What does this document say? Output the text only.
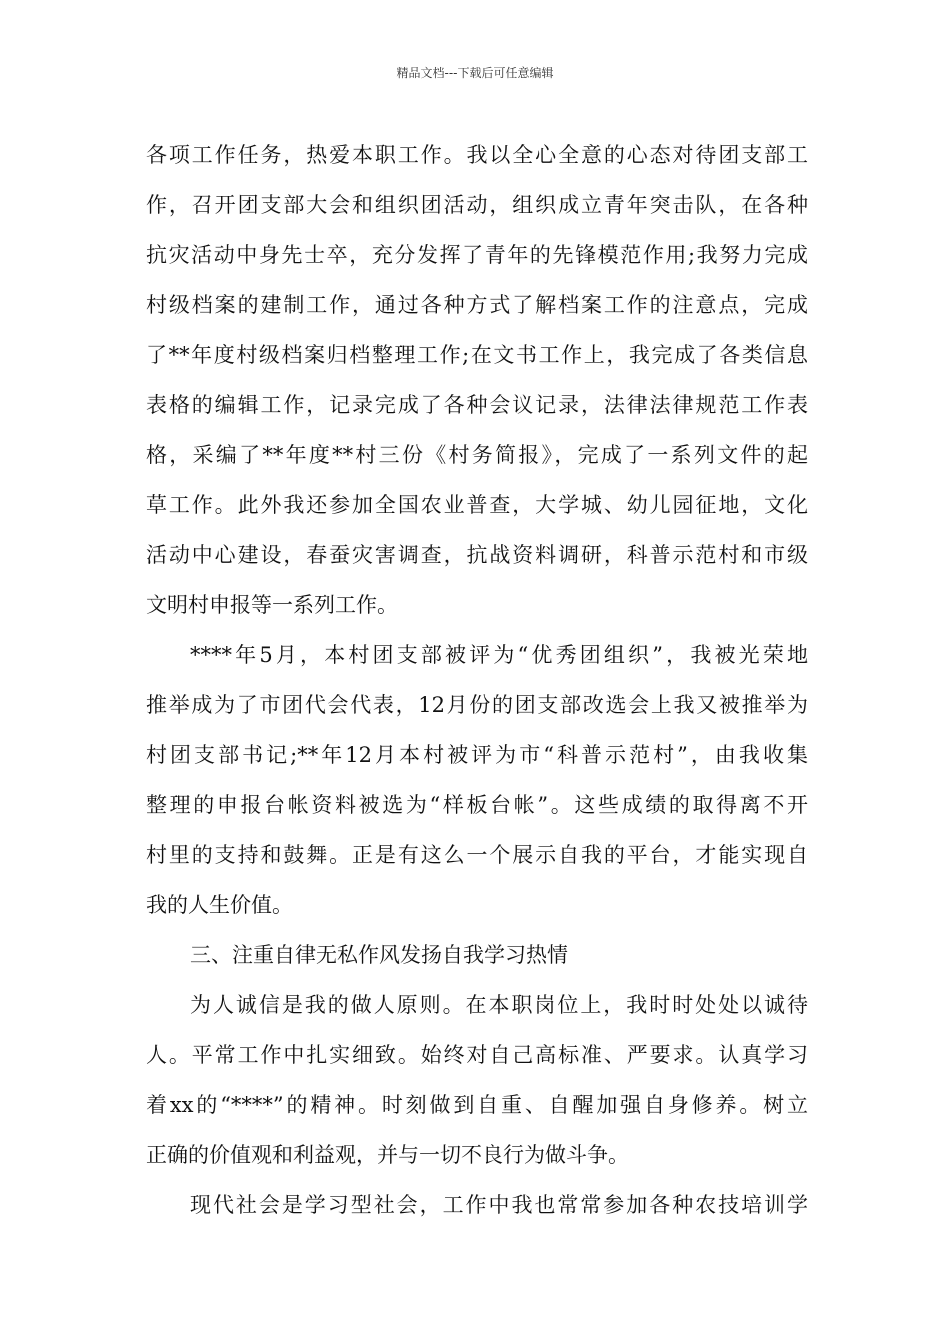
精品文档---下载后可任意编辑
各项工作任务，热爱本职工作。我以全心全意的心态对待团支部工
作，召开团支部大会和组织团活动，组织成立青年突击队，在各种
抗灾活动中身先士卒，充分发挥了青年的先锋模范作用;我努力完成
村级档案的建制工作，通过各种方式了解档案工作的注意点，完成
了**年度村级档案归档整理工作;在文书工作上，我完成了各类信息
表格的编辑工作，记录完成了各种会议记录，法律法律规范工作表
格，采编了**年度**村三份《村务简报》，完成了一系列文件的起
草工作。此外我还参加全国农业普查，大学城、幼儿园征地，文化
活动中心建设，春蚕灾害调查，抗战资料调研，科普示范村和市级
文明村申报等一系列工作。
****年5月，本村团支部被评为“优秀团组织”，我被光荣地
推举成为了市团代会代表，12月份的团支部改选会上我又被推举为
村团支部书记;**年12月本村被评为市“科普示范村”，由我收集
整理的申报台帐资料被选为“样板台帐”。这些成绩的取得离不开
村里的支持和鼓舞。正是有这么一个展示自我的平台，才能实现自
我的人生价值。
三、注重自律无私作风发扬自我学习热情
为人诚信是我的做人原则。在本职岗位上，我时时处处以诚待
人。平常工作中扎实细致。始终对自己高标准、严要求。认真学习
着xx的“****”的精神。时刻做到自重、自醒加强自身修养。树立
正确的价值观和利益观，并与一切不良行为做斗争。
现代社会是学习型社会，工作中我也常常参加各种农技培训学
